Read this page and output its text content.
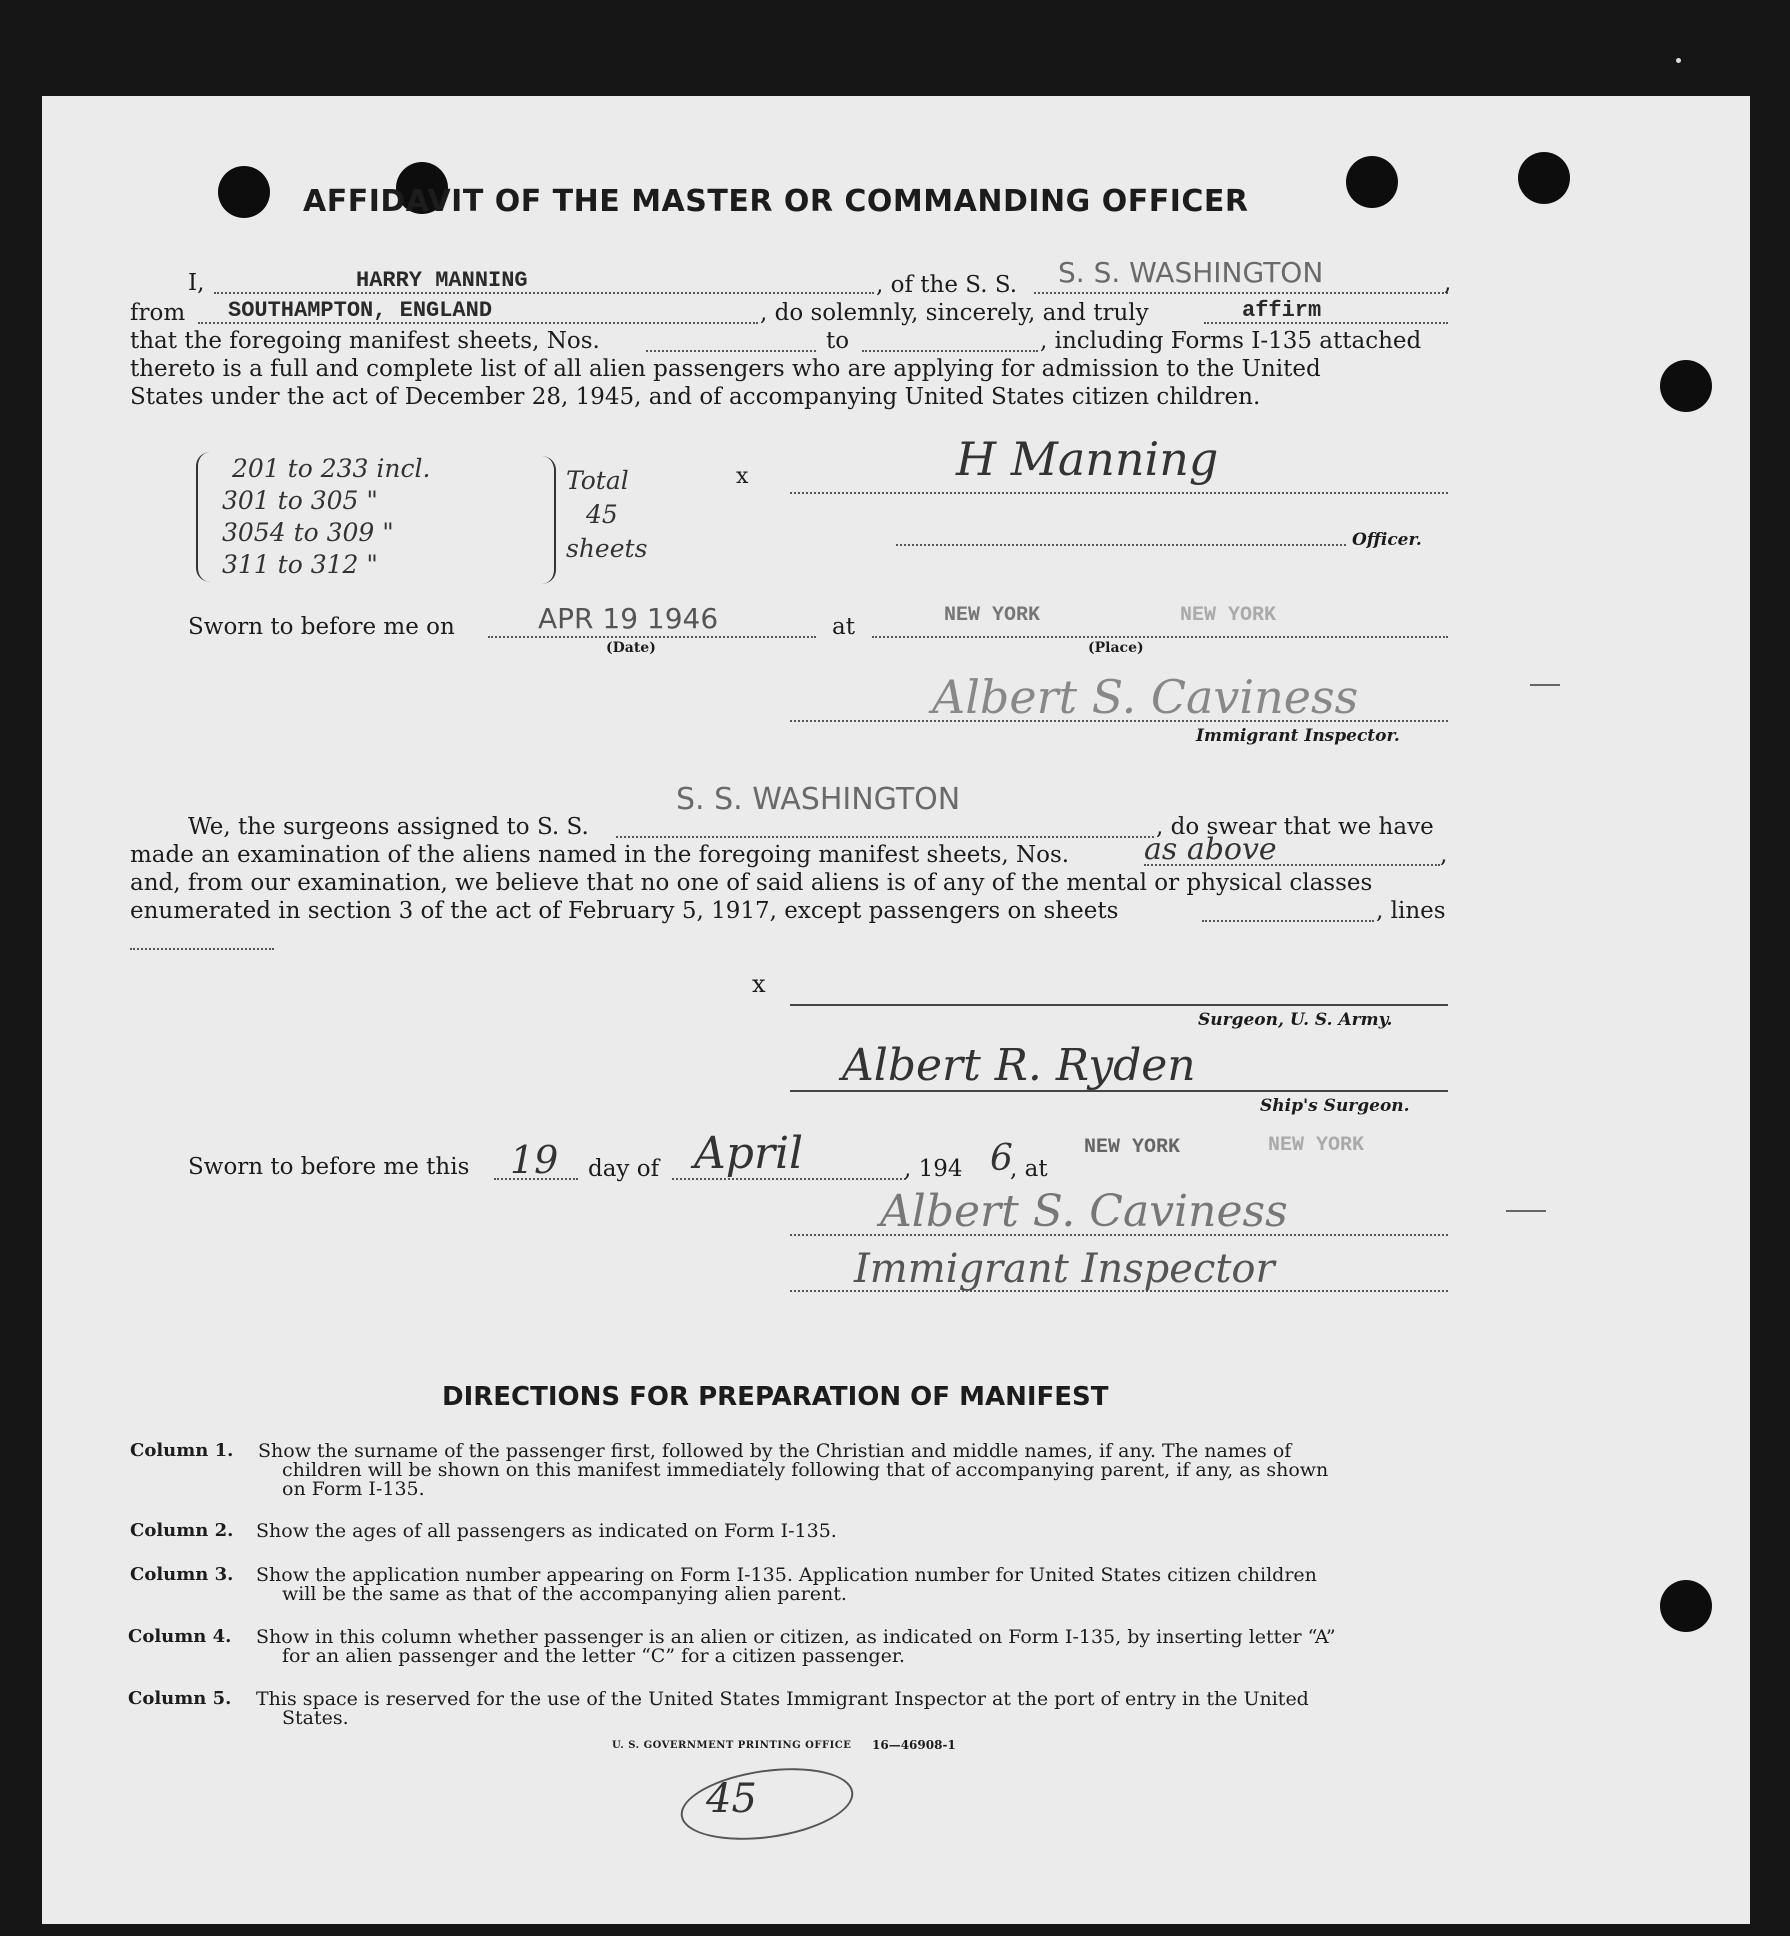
AFFIDAVIT OF THE MASTER OR COMMANDING OFFICER
I,	HARRY MANNING	, of the S. S. S. S. WASHINGTON	,
from SOUTHAMPTON, ENGLAND	, do solemnly, sincerely, and truly	affirm
that the foregoing manifest sheets, Nos.	to	, including Forms I-135 attached
thereto is a full and complete list of all alien passengers who are applying for admission to the United
States under the act of December 28, 1945, and of accompanying United States citizen children.
201 to 233 incl.
301 to 305 "
3054 to 309 "
311 to 312 "
Total
45
sheets
x	H Manning
Officer.
Sworn to before me on	APR 19 1946
(Date)
at	NEW YORK	NEW YORK
(Place)
Albert S. Caviness
Immigrant Inspector.
We, the surgeons assigned to S. S.
S. S. WASHINGTON
, do swear that we have
made an examination of the aliens named in the foregoing manifest sheets, Nos. as above	,
and, from our examination, we believe that no one of said aliens is of any of the mental or physical classes
enumerated in section 3 of the act of February 5, 1917, except passengers on sheets	, lines
x
Surgeon, U. S. Army.
Albert R. Ryden
Ship's Surgeon.
Sworn to before me this 19 day of April	, 194 6
, at
NEW YORK	NEW YORK
Albert S. Caviness
Immigrant Inspector
DIRECTIONS FOR PREPARATION OF MANIFEST
Column 1. Show the surname of the passenger first, followed by the Christian and middle names, if any. The names of
children will be shown on this manifest immediately following that of accompanying parent, if any, as shown
on Form I-135.
Column 2. Show the ages of all passengers as indicated on Form I-135.
Column 3. Show the application number appearing on Form I-135. Application number for United States citizen children
will be the same as that of the accompanying alien parent.
Column 4. Show in this column whether passenger is an alien or citizen, as indicated on Form I-135, by inserting letter “A”
for an alien passenger and the letter “C” for a citizen passenger.
Column 5. This space is reserved for the use of the United States Immigrant Inspector at the port of entry in the United
States.
U. S. GOVERNMENT PRINTING OFFICE 16—46908-1
45
